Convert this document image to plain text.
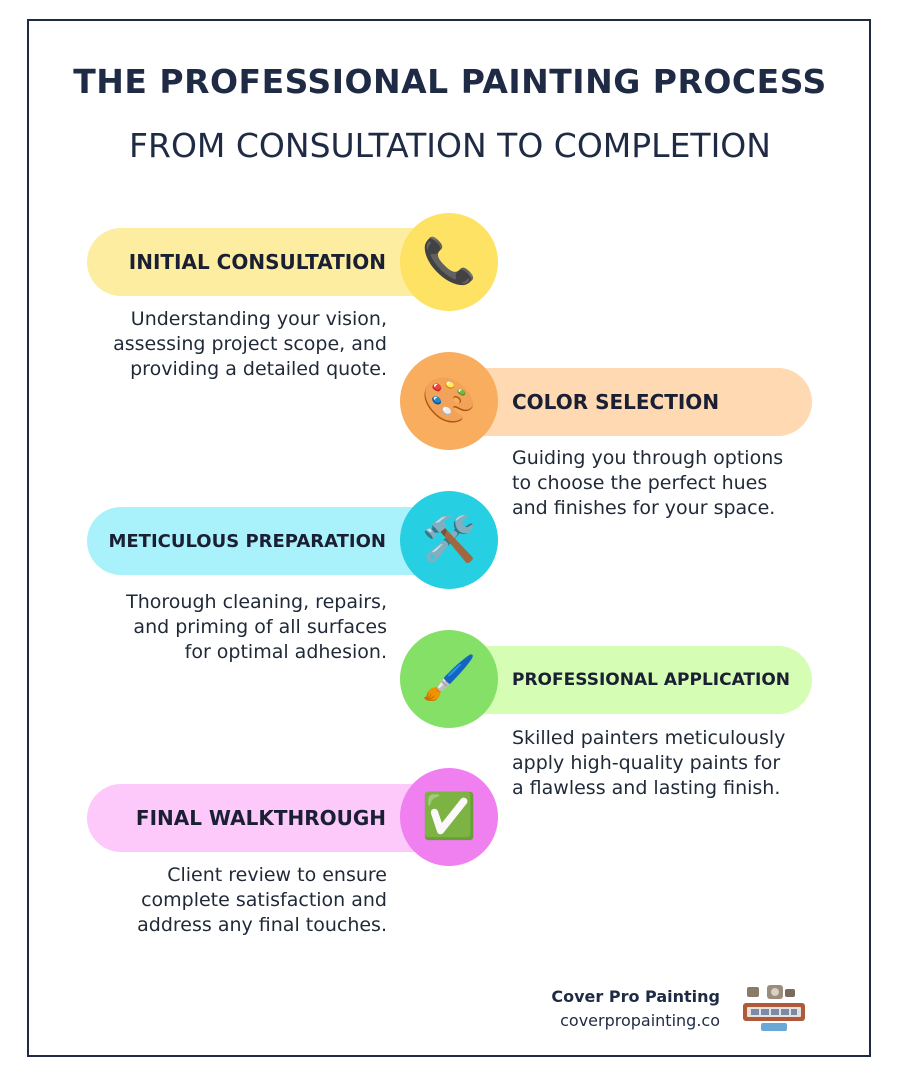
THE PROFESSIONAL PAINTING PROCESS
FROM CONSULTATION TO COMPLETION
INITIAL CONSULTATION 📞
Understanding your vision,
assessing project scope, and
providing a detailed quote.
COLOR SELECTION
🎨
Guiding you through options
to choose the perfect hues
and finishes for your space.
METICULOUS PREPARATION 🛠️
Thorough cleaning, repairs,
and priming of all surfaces
for optimal adhesion.
PROFESSIONAL APPLICATION
🖌️
Skilled painters meticulously
apply high-quality paints for
a flawless and lasting finish.
FINAL WALKTHROUGH ✅
Client review to ensure
complete satisfaction and
address any final touches.
Cover Pro Painting
coverpropainting.co
